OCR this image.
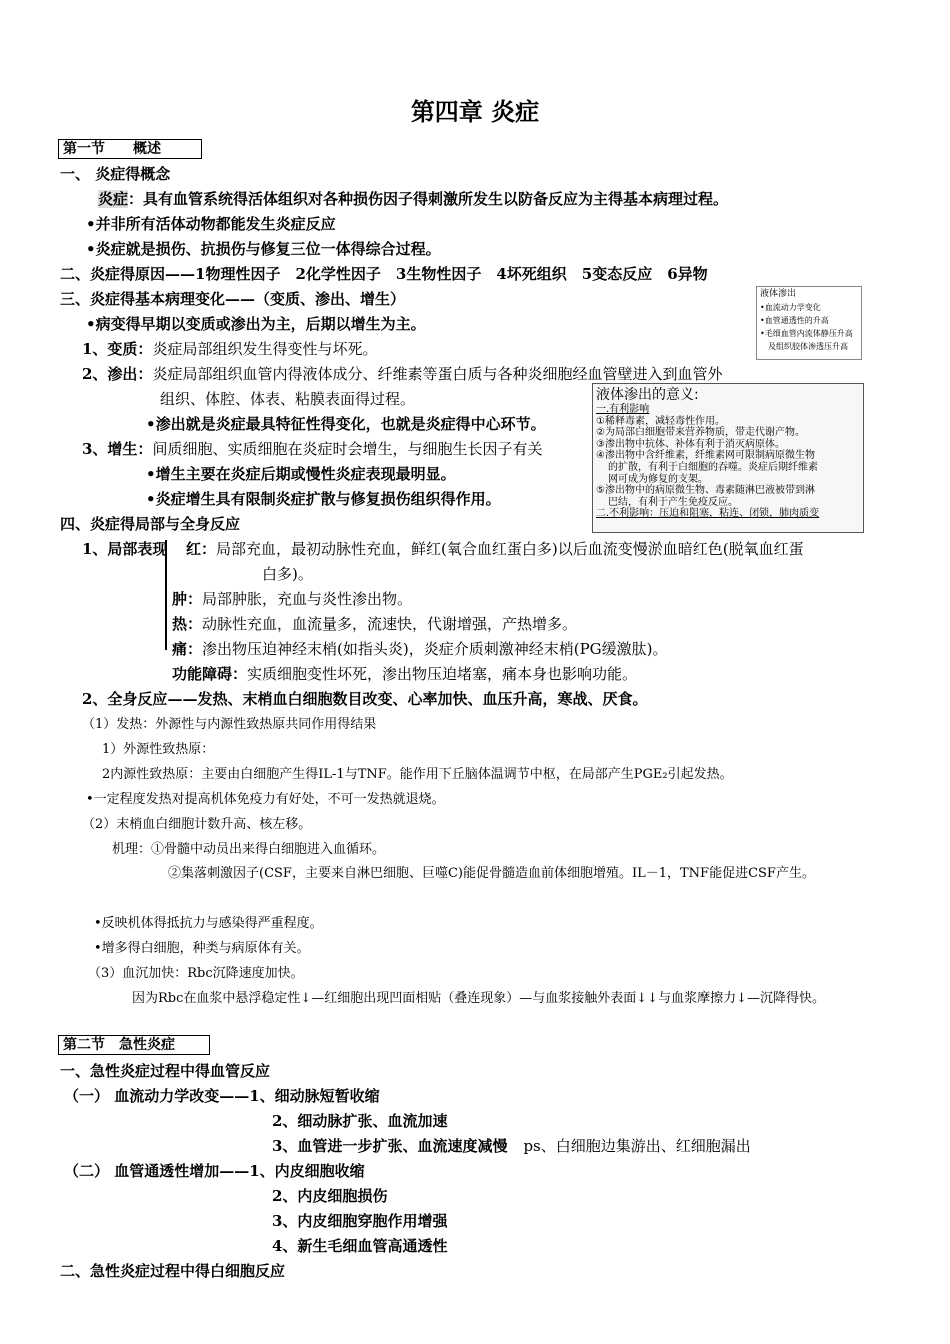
第四章 炎症
第一节　　概述
一、 炎症得概念
炎症：具有血管系统得活体组织对各种损伤因子得刺激所发生以防备反应为主得基本病理过程。
•并非所有活体动物都能发生炎症反应
•炎症就是损伤、抗损伤与修复三位一体得综合过程。
二、炎症得原因——1物理性因子　2化学性因子　3生物性因子　4坏死组织　5变态反应　6异物
三、炎症得基本病理变化——（变质、渗出、增生）
•病变得早期以变质或渗出为主，后期以增生为主。
1、变质：炎症局部组织发生得变性与坏死。
2、渗出：炎症局部组织血管内得液体成分、纤维素等蛋白质与各种炎细胞经血管壁进入到血管外
组织、体腔、体表、粘膜表面得过程。
•渗出就是炎症最具特征性得变化，也就是炎症得中心环节。
3、增生：间质细胞、实质细胞在炎症时会增生，与细胞生长因子有关
•增生主要在炎症后期或慢性炎症表现最明显。
•炎症增生具有限制炎症扩散与修复损伤组织得作用。
四、炎症得局部与全身反应
1、局部表现 红：局部充血，最初动脉性充血，鲜红(氧合血红蛋白多)以后血流变慢淤血暗红色(脱氧血红蛋
白多)。
肿：局部肿胀，充血与炎性渗出物。
热：动脉性充血，血流量多，流速快，代谢增强，产热增多。
痛：渗出物压迫神经末梢(如指头炎)，炎症介质刺激神经末梢(PG缓激肽)。
功能障碍：实质细胞变性坏死，渗出物压迫堵塞，痛本身也影响功能。
2、全身反应——发热、末梢血白细胞数目改变、心率加快、血压升高，寒战、厌食。
（1）发热：外源性与内源性致热原共同作用得结果
1）外源性致热原：
2内源性致热原：主要由白细胞产生得IL-1与TNF。能作用下丘脑体温调节中枢，在局部产生PGE₂引起发热。
•一定程度发热对提高机体免疫力有好处，不可一发热就退烧。
（2）末梢血白细胞计数升高、核左移。
机理：①骨髓中动员出来得白细胞进入血循环。
②集落刺激因子(CSF，主要来自淋巴细胞、巨噬C)能促骨髓造血前体细胞增殖。IL－1，TNF能促进CSF产生。
•反映机体得抵抗力与感染得严重程度。
•增多得白细胞，种类与病原体有关。
（3）血沉加快：Rbc沉降速度加快。
因为Rbc在血浆中悬浮稳定性↓—红细胞出现凹面相贴（叠连现象）—与血浆接触外表面↓↓与血浆摩擦力↓—沉降得快。
液体渗出
•血流动力学变化
•血管通透性的升高
•毛细血管内流体静压升高
及组织胶体渗透压升高
液体渗出的意义:
一.有利影响
①稀释毒素，减轻毒性作用。
②为局部白细胞带来营养物质，带走代谢产物。
③渗出物中抗体、补体有利于消灭病原体。
④渗出物中含纤维素，纤维素网可限制病原微生物
的扩散，有利于白细胞的吞噬。炎症后期纤维素
网可成为修复的支架。
⑤渗出物中的病原微生物、毒素随淋巴液被带到淋
巴结，有利于产生免疫反应。
二.不利影响：压迫和阻塞，粘连、闭锁，肺肉质变
第二节　急性炎症
一、急性炎症过程中得血管反应
（一） 血流动力学改变——1、细动脉短暂收缩
2、细动脉扩张、血流加速
3、血管进一步扩张、血流速度减慢 ps、白细胞边集游出、红细胞漏出
（二） 血管通透性增加——1、内皮细胞收缩
2、内皮细胞损伤
3、内皮细胞穿胞作用增强
4、新生毛细血管高通透性
二、急性炎症过程中得白细胞反应
